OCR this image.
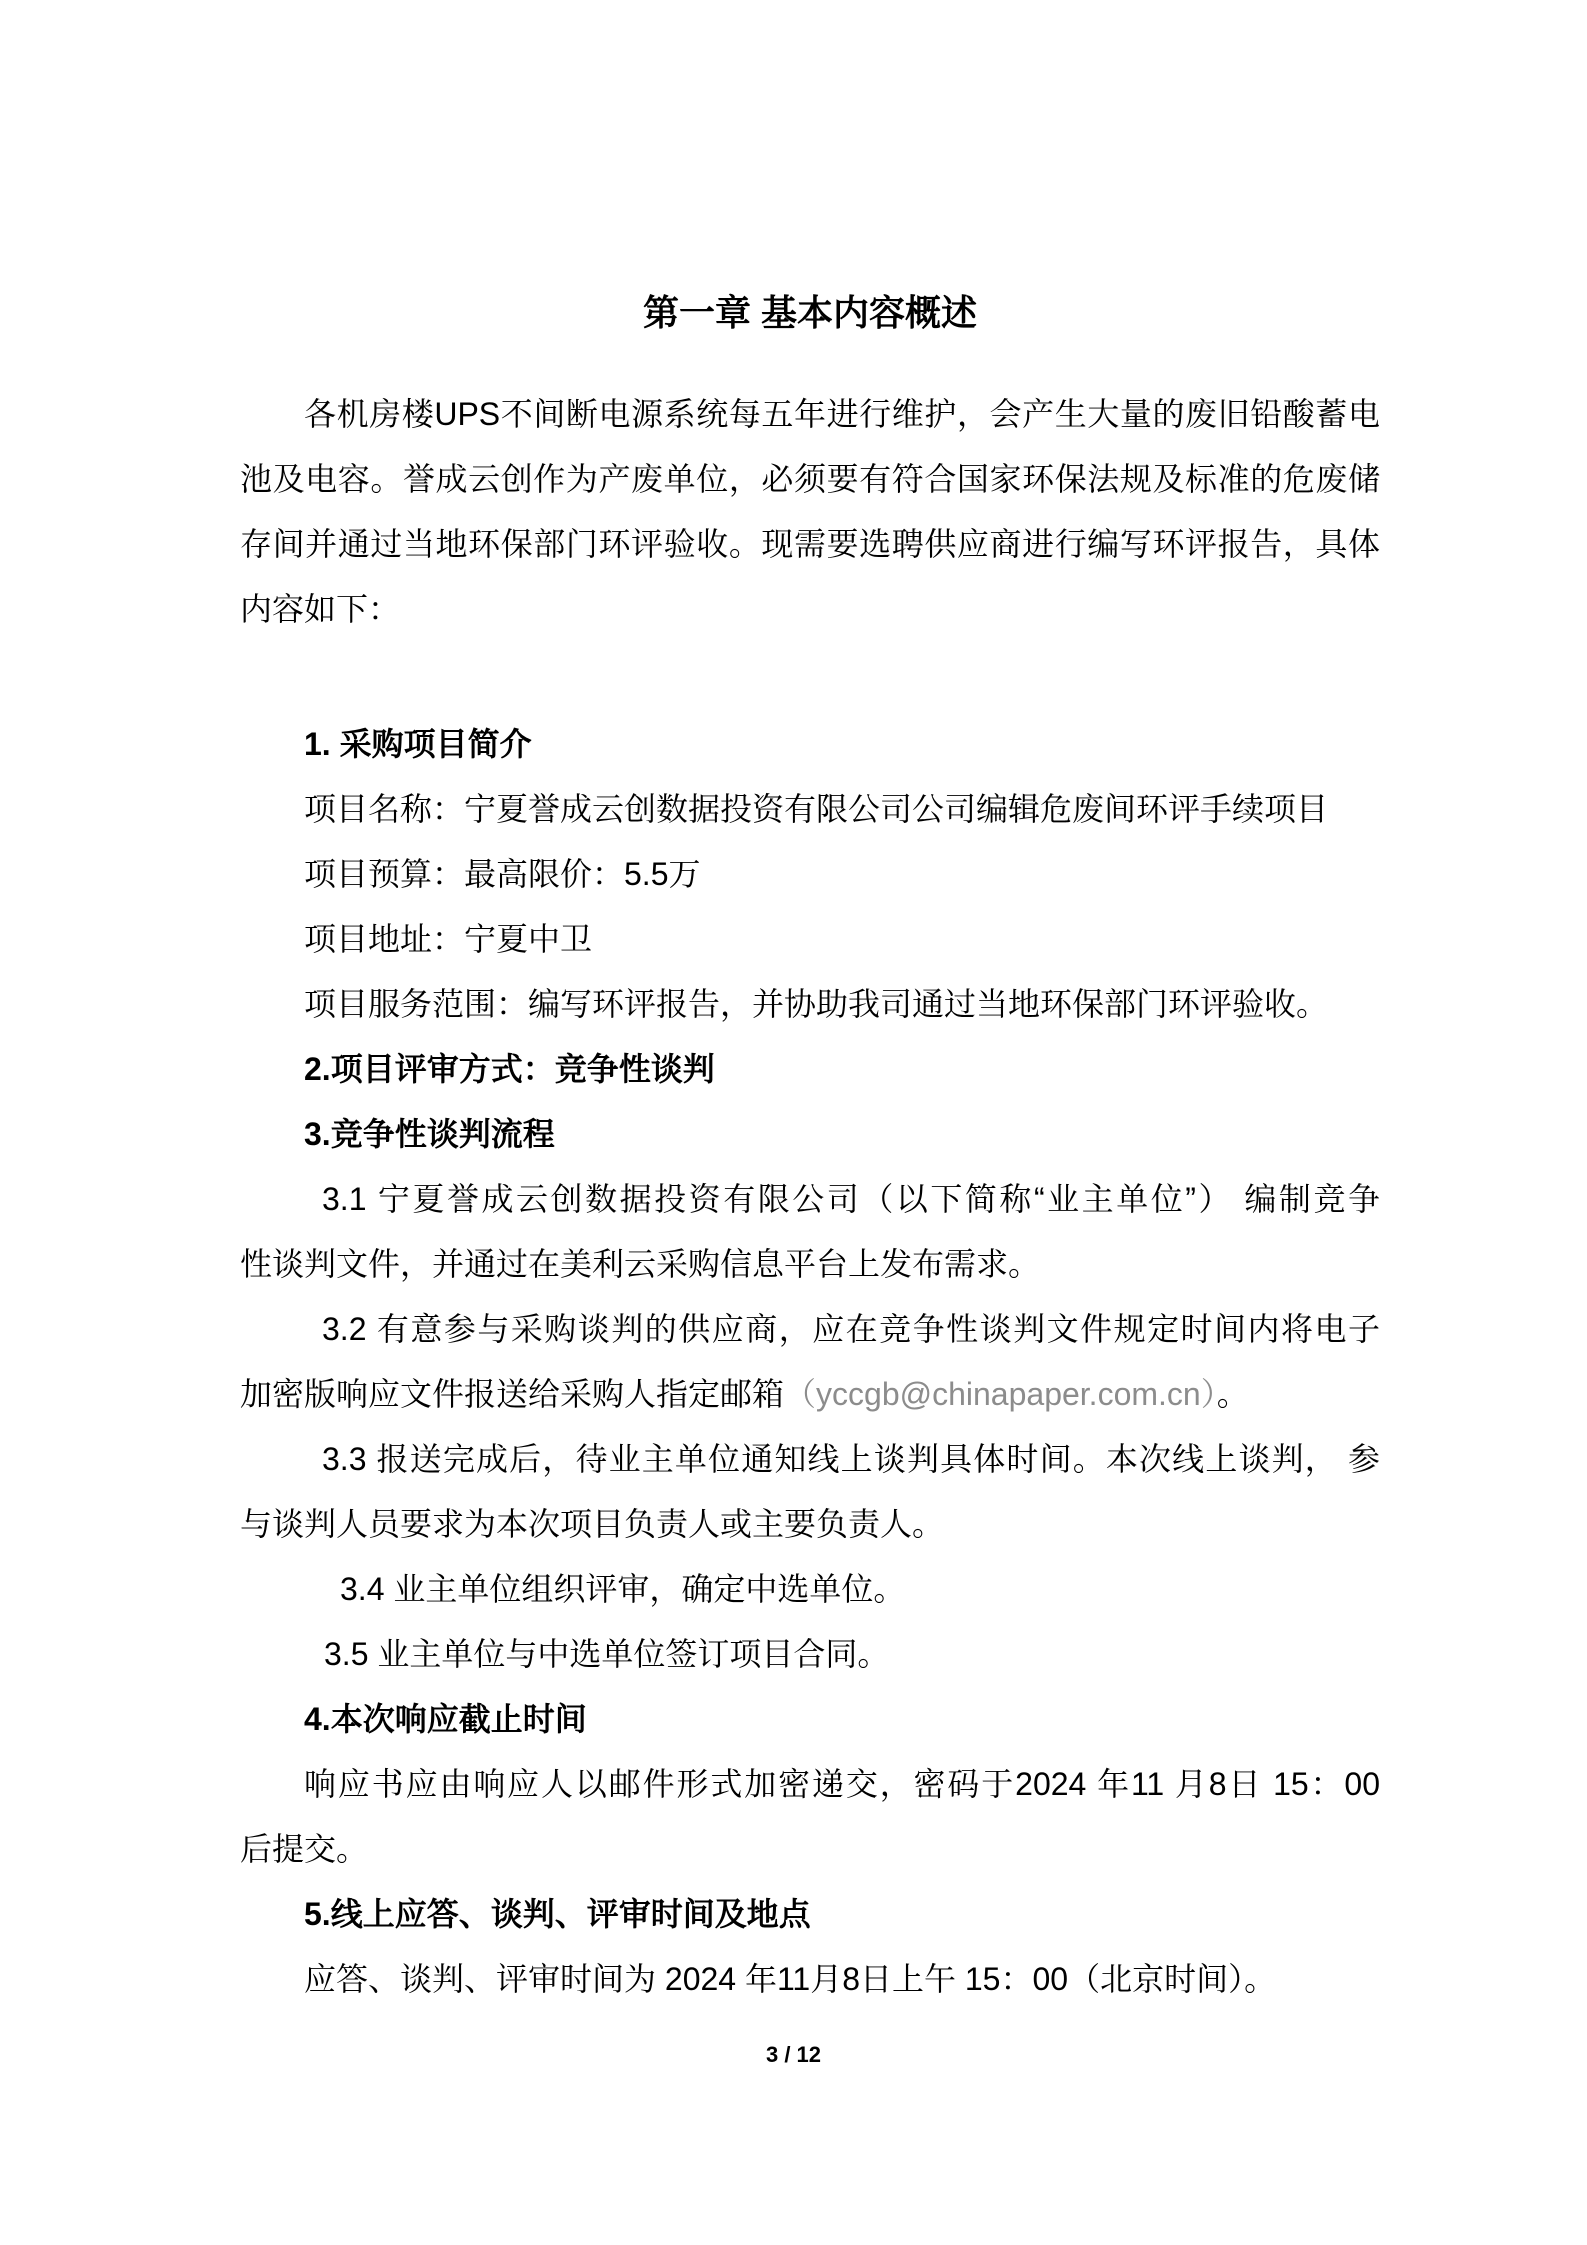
第一章 基本内容概述
各机房楼UPS不间断电源系统每五年进行维护，会产生大量的废旧铅酸蓄电
池及电容。誉成云创作为产废单位，必须要有符合国家环保法规及标准的危废储
存间并通过当地环保部门环评验收。现需要选聘供应商进行编写环评报告，具体
内容如下：
1. 采购项目简介
项目名称：宁夏誉成云创数据投资有限公司公司编辑危废间环评手续项目
项目预算：最高限价：5.5万
项目地址：宁夏中卫
项目服务范围：编写环评报告，并协助我司通过当地环保部门环评验收。
2.项目评审方式：竞争性谈判
3.竞争性谈判流程
3.1 宁夏誉成云创数据投资有限公司（以下简称“业主单位”） 编制竞争
性谈判文件，并通过在美利云采购信息平台上发布需求。
3.2 有意参与采购谈判的供应商，应在竞争性谈判文件规定时间内将电子
加密版响应文件报送给采购人指定邮箱（yccgb@chinapaper.com.cn）。
3.3 报送完成后，待业主单位通知线上谈判具体时间。本次线上谈判， 参
与谈判人员要求为本次项目负责人或主要负责人。
3.4 业主单位组织评审，确定中选单位。
3.5 业主单位与中选单位签订项目合同。
4.本次响应截止时间
响应书应由响应人以邮件形式加密递交，密码于2024 年11 月8日 15：00
后提交。
5.线上应答、谈判、评审时间及地点
应答、谈判、评审时间为 2024 年11月8日上午 15：00（北京时间）。
3 / 12
